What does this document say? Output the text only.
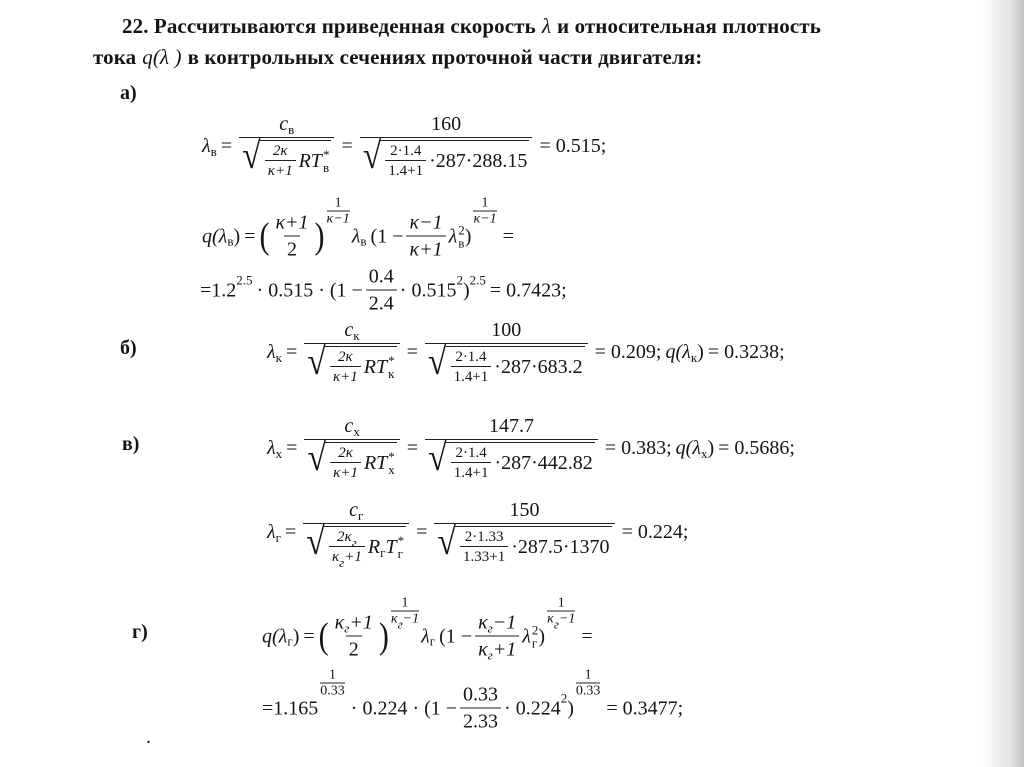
22. Рассчитываются приведенная скорость λ и относительная плотность
тока q(λ ) в контрольных сечениях проточной части двигателя:
а)
б)
в)
г)
λ в = c в
√ $\frac{2\kappa}{\kappa+1}$ RT *
$в = \frac{160}{√ \frac{2\cdot 1.4}{1.4+1} \cdot 287\cdot 288.15} = 0.515$;
q( λ в ) = ( $\frac{\kappa+1}{2}$ )
$\frac{1}{\kappa-1}$
λ в ($1 - \frac{\kappa-1}{\kappa+1}$ λ 2
в )
$\frac{1}{\kappa-1}$
=
=1.2 $2.5 \cdot 0.515 \cdot (1 - \frac{0.4}{2.4} \cdot 0.515$ 2 ) 2.5 = 0.7423;
λ к = c к
√ $\frac{2\kappa}{\kappa+1}$ RT *
$к = \frac{100}{√ \frac{2\cdot 1.4}{1.4+1} \cdot 287\cdot 683.2} = 0.209$; q( λ к ) = 0.3238;
λ х = c х
√ $\frac{2\kappa}{\kappa+1}$ RT *
$х = \frac{147.7}{√ \frac{2\cdot 1.4}{1.4+1} \cdot 287\cdot 442.82} = 0.383$; q( λ х ) = 0.5686;
λ г =
c г
√ $\frac{\text{2κ г}}{\text{κ г +1}}$ R г T *
г
= $\frac{150}{√ \frac{2\cdot 1.33}{1.33+1} \cdot 287.5\cdot 1370} = 0.224$;
q( λ г ) = ( $\frac{\text{κ г +1}}{2}$ )
1
κг−1
λ г ($1 - \frac{\text{κ г −1}}{\text{κ г +1}}$ λ 2
г )
1
κг−1
=
=1.165
$\frac{1}{0.33}$
· $0.224 \cdot (1 - \frac{0.33}{2.33} \cdot 0.224$ 2 )
$\frac{1}{0.33}$
= 0.3477;
.
